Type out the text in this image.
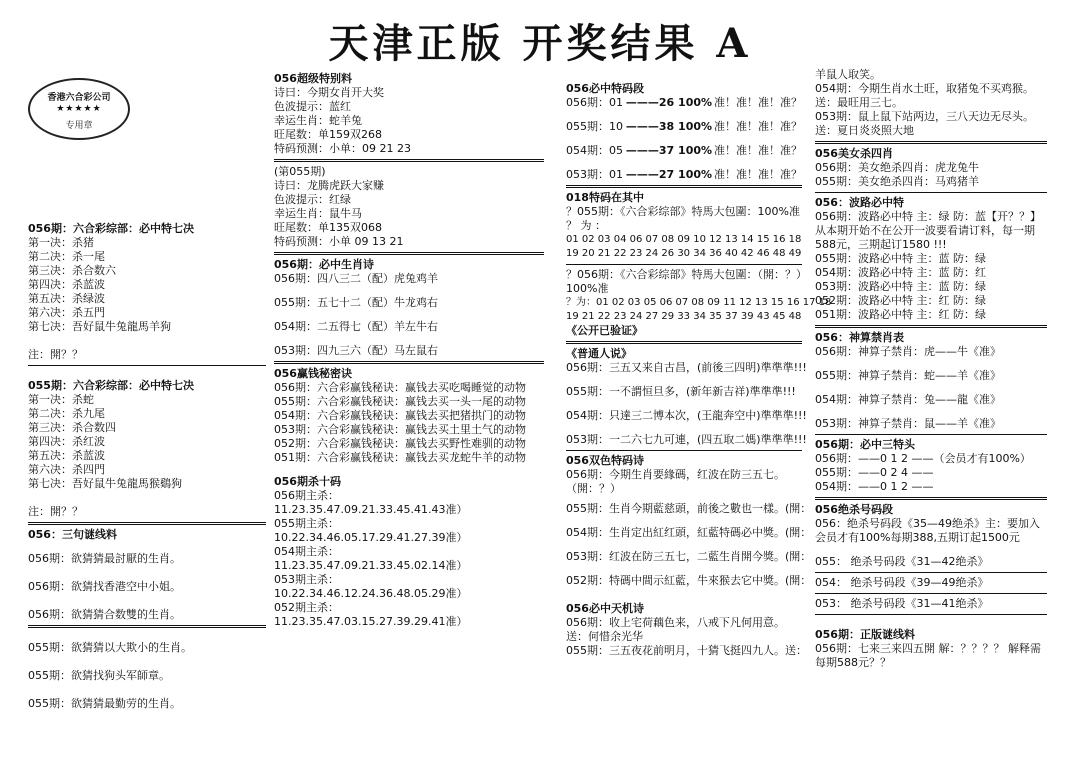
天津正版 开奖结果 A
香港六合彩公司
★★★★★
专用章
056期：六合彩综部：必中特七决
第一决：杀猪
第二决：杀一尾
第三决：杀合数六
第四决：杀蓝波
第五决：杀绿波
第六决：杀五門
第七决：吾好鼠牛兔龍馬羊狗
注：開？？
055期：六合彩综部：必中特七决
第一决：杀蛇
第二决：杀九尾
第三决：杀合数四
第四决：杀红波
第五决：杀蓝波
第六决：杀四門
第七决：吾好鼠牛兔龍馬猴鷄狗
注：開？？
056：三句谜线料
056期：欲猜猜最討厭的生肖。
056期：欲猜找香港空中小姐。
056期：欲猜猜合数雙的生肖。
055期：欲猜猜以大欺小的生肖。
055期：欲猜找狗头军師章。
055期：欲猜猜最勤劳的生肖。
056超级特别料
诗曰：今期女肖开大奖
色波提示：蓝红
幸运生肖：蛇羊兔
旺尾数：单159双268
特码预测：小单：09 21 23
(第055期)
诗曰：龙腾虎跃大家赚
色波提示：红绿
幸运生肖：鼠牛马
旺尾数：单135双068
特码预测：小单 09 13 21
056期：必中生肖诗
056期：四八三二（配）虎兔鸡羊
055期：五七十二（配）牛龙鸡右
054期：二五得七（配）羊左牛右
053期：四九三六（配）马左鼠右
056赢钱秘密诀
056期：六合彩赢钱秘诀：赢钱去买吃喝睡觉的动物
055期：六合彩赢钱秘诀：赢钱去买一头一尾的动物
054期：六合彩赢钱秘诀：赢钱去买把猪拱门的动物
053期：六合彩赢钱秘诀：赢钱去买土里土气的动物
052期：六合彩赢钱秘诀：赢钱去买野性难驯的动物
051期：六合彩赢钱秘诀：赢钱去买龙蛇牛羊的动物
056期杀十码
056期主杀：11.23.35.47.09.21.33.45.41.43准）
055期主杀：10.22.34.46.05.17.29.41.27.39准）
054期主杀：11.23.35.47.09.21.33.45.02.14准）
053期主杀：10.22.34.46.12.24.36.48.05.29准）
052期主杀：11.23.35.47.03.15.27.39.29.41准）
056必中特码段
056期：01 ———26 100% 准！准！准！准？
055期：10 ———38 100% 准！准！准！准？
054期：05 ———37 100% 准！准！准！准？
053期：01 ———27 100% 准！准！准！准？
018特码在其中
？055期：《六合彩综部》特馬大包圍：100%准
？ 为 ：
01 02 03 04 06 07 08 09 10 12 13 14 15 16 18
19 20 21 22 23 24 26 30 34 36 40 42 46 48 49
？056期：《六合彩综部》特馬大包圍：（開：？）100%准
？为：01 02 03 05 06 07 08 09 11 12 13 15 16 17 18
19 21 22 23 24 27 29 33 34 35 37 39 43 45 48
《公开已验证》
《普通人说》
056期：三五又来自古昌，(前後三四明)準準準!!!
055期：一不謂恒旦多，(新年新吉祥)準準準!!!
054期：只達三二博本次，(王龍奔空中)準準準!!!
053期：一二六七九可連，(四五取二媽)準準準!!!
056双色特码诗
056期：今期生肖要緣碼，红波在防三五七。（開：？）
055期：生肖今期藍慈頭，前後之數也一樣。(開：
054期：生肖定出紅红頭，紅藍特碼必中獎。(開：
053期：红波在防三五七，二藍生肖開今獎。(開：
052期：特碼中間示紅藍，牛來猴去它中獎。(開：
056必中天机诗
056期：收上宅荷藕色来，八戒下凡何用意。送：何惜余光华
055期：三五夜花前明月，十猜飞挺四九人。送：
羊鼠人取笑。
054期：今期生肖水土旺，取猪兔不买鸡猴。送：最旺用三七。
053期：鼠上鼠下站两边，三八天边无尽头。送：夏日炎炎照大地
056美女杀四肖
056期：美女绝杀四肖：虎龙兔牛
055期：美女绝杀四肖：马鸡猪羊
056：波路必中特
056期：波路必中特 主：绿 防：蓝【开？？】从本期开始不在公开一波要看请订料，每一期588元，三期起订1580 !!!
055期：波路必中特 主：蓝 防：绿
054期：波路必中特 主：蓝 防：红
053期：波路必中特 主：蓝 防：绿
052期：波路必中特 主：红 防：绿
051期：波路必中特 主：红 防：绿
056：神算禁肖表
056期：神算子禁肖：虎——牛《准》
055期：神算子禁肖：蛇——羊《准》
054期：神算子禁肖：兔——龍《准》
053期：神算子禁肖：鼠——羊《准》
056期：必中三特头
056期：——0 1 2 ——（会员才有100%）
055期：——0 2 4 ——
054期：——0 1 2 ——
056绝杀号码段
056：绝杀号码段《35—49绝杀》主：要加入会员才有100%每期388,五期订起1500元
055： 绝杀号码段《31—42绝杀》
054： 绝杀号码段《39—49绝杀》
053： 绝杀号码段《31—41绝杀》
056期：正版谜线料
056期：七来三来四五開 解：？？？？ 解释需每期588元？？
